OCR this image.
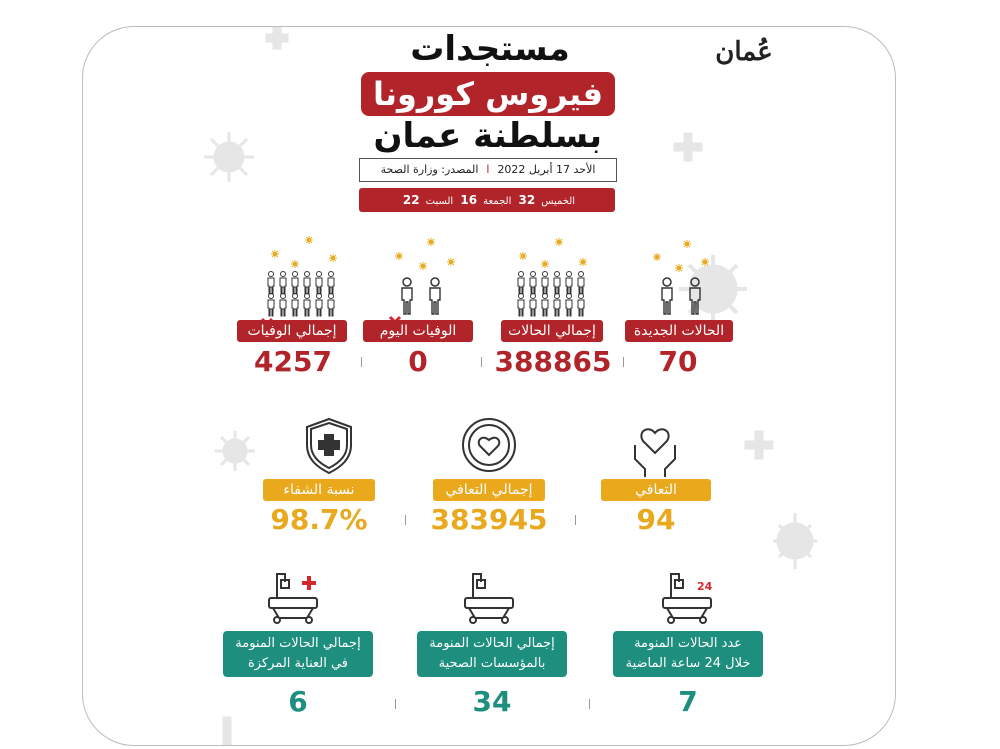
عُمان
مستجدات
فيروس كورونا
بسلطنة عمان
الأحد 17 أبريل 2022االمصدر: وزارة الصحة
الخميس32 الجمعة16 السبت22
الحالات الجديدة
إجمالي الحالات
الوفيات اليوم
إجمالي الوفيات
70
388865
0
4257
التعافي
إجمالي التعافي
نسبة الشفاء
94
383945
98.7%
24
عدد الحالات المنومة
خلال 24 ساعة الماضية
إجمالي الحالات المنومة
بالمؤسسات الصحية
إجمالي الحالات المنومة
في العناية المركزة
7
34
6
